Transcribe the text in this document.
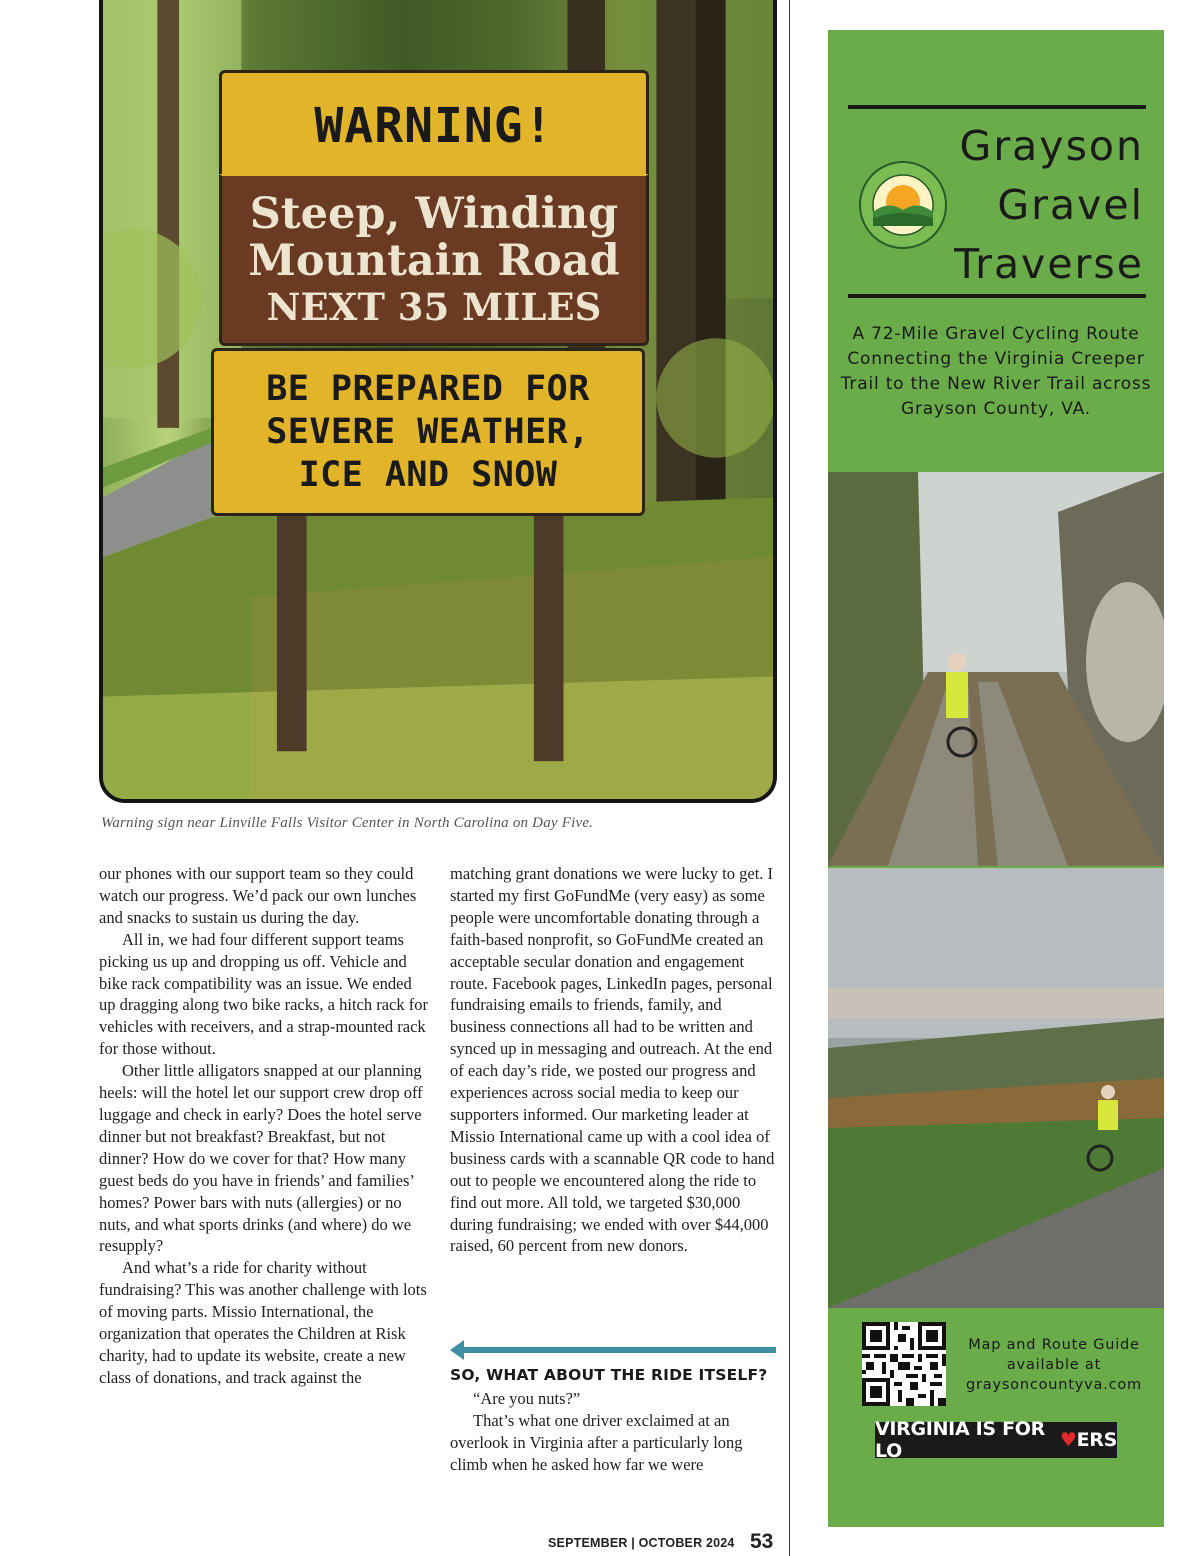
WARNING!
Steep, Winding
Mountain Road
NEXT 35 MILES
BE PREPARED FOR
SEVERE WEATHER,
ICE AND SNOW
Warning sign near Linville Falls Visitor Center in North Carolina on Day Five.

our phones with our support team so they could watch our progress. We’d pack our own lunches and snacks to sustain us during the day.

All in, we had four different support teams picking us up and dropping us off. Vehicle and bike rack compatibility was an issue. We ended up dragging along two bike racks, a hitch rack for vehicles with receivers, and a strap-mounted rack for those without.

Other little alligators snapped at our planning heels: will the hotel let our support crew drop off luggage and check in early? Does the hotel serve dinner but not breakfast? Breakfast, but not dinner? How do we cover for that? How many guest beds do you have in friends’ and families’ homes? Power bars with nuts (allergies) or no nuts, and what sports drinks (and where) do we resupply?

And what’s a ride for charity without fundraising? This was another challenge with lots of moving parts. Missio International, the organization that operates the Children at Risk charity, had to update its website, create a new class of donations, and track against the

matching grant donations we were lucky to get. I started my first GoFundMe (very easy) as some people were uncomfortable donating through a faith-based nonprofit, so GoFundMe created an acceptable secular donation and engagement route. Facebook pages, LinkedIn pages, personal fundraising emails to friends, family, and business connections all had to be written and synced up in messaging and outreach. At the end of each day’s ride, we posted our progress and experiences across social media to keep our supporters informed. Our marketing leader at Missio International came up with a cool idea of business cards with a scannable QR code to hand out to people we encountered along the ride to find out more. All told, we targeted $30,000 during fundraising; we ended with over $44,000 raised, 60 percent from new donors.

SO, WHAT ABOUT THE RIDE ITSELF?

“Are you nuts?”

That’s what one driver exclaimed at an overlook in Virginia after a particularly long climb when he asked how far we were

SEPTEMBER | OCTOBER 2024 53
Grayson
Gravel
Traverse
A 72-Mile Gravel Cycling Route Connecting the Virginia Creeper Trail to the New River Trail across Grayson County, VA.
Map and Route Guide
available at
graysoncountyva.com
VIRGINIA IS FOR LO	♥ ERS
